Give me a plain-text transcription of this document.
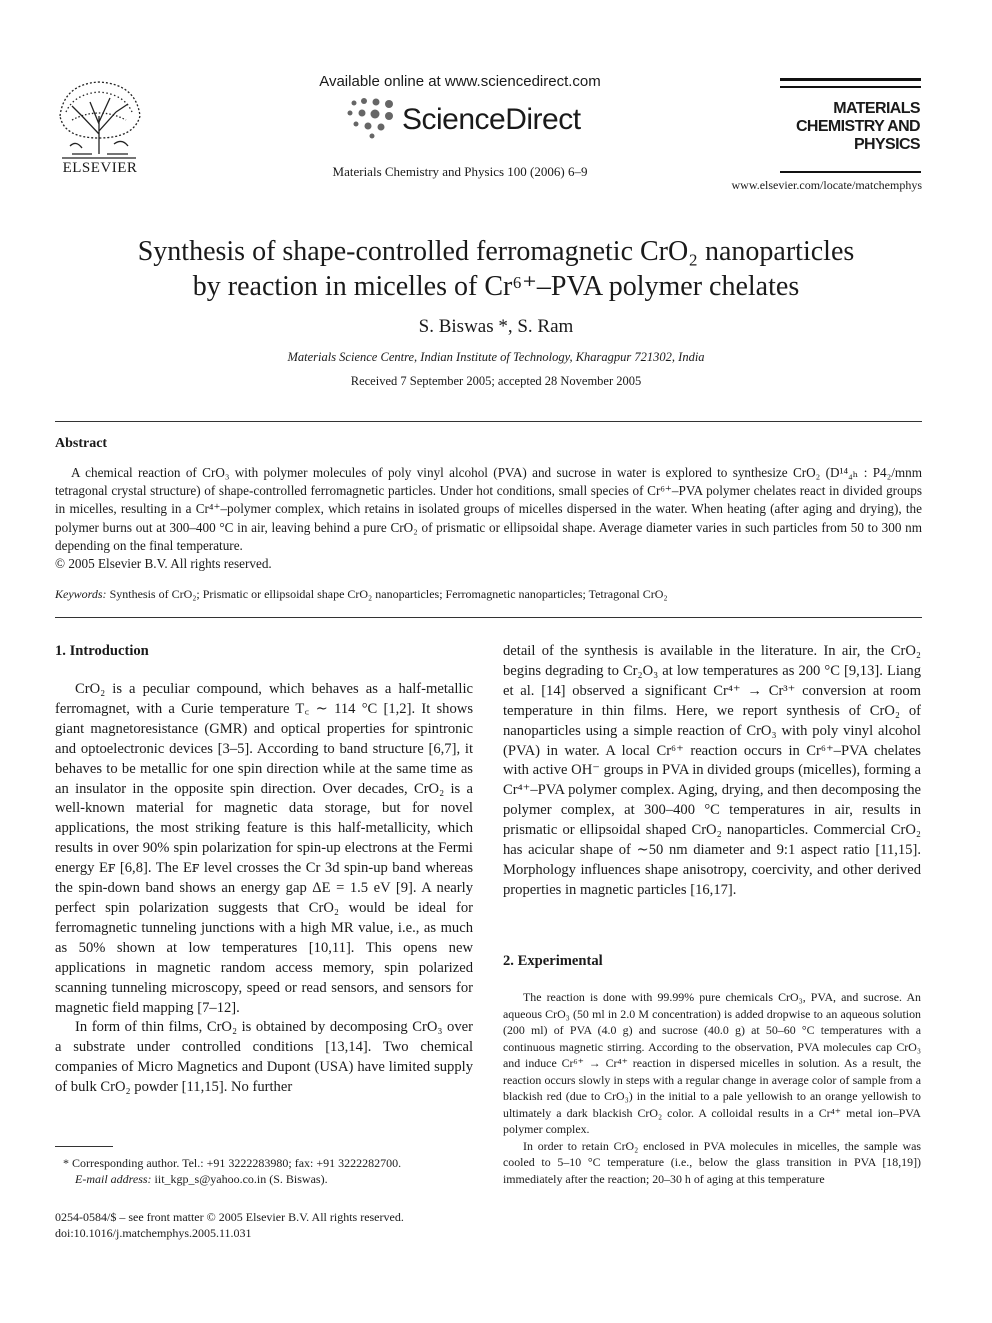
ELSEVIER
Available online at www.sciencedirect.com
ScienceDirect
Materials Chemistry and Physics 100 (2006) 6–9
MATERIALS
CHEMISTRY AND
PHYSICS
www.elsevier.com/locate/matchemphys
Synthesis of shape-controlled ferromagnetic CrO₂ nanoparticles
by reaction in micelles of Cr⁶⁺–PVA polymer chelates
S. Biswas *, S. Ram
Materials Science Centre, Indian Institute of Technology, Kharagpur 721302, India
Received 7 September 2005; accepted 28 November 2005
Abstract
A chemical reaction of CrO₃ with polymer molecules of poly vinyl alcohol (PVA) and sucrose in water is explored to synthesize CrO₂ (D¹⁴₄ₕ : P4₂/mnm tetragonal crystal structure) of shape-controlled ferromagnetic particles. Under hot conditions, small species of Cr⁶⁺–PVA polymer chelates react in divided groups in micelles, resulting in a Cr⁴⁺–polymer complex, which retains in isolated groups of micelles dispersed in the water. When heating (after aging and drying), the polymer burns out at 300–400 °C in air, leaving behind a pure CrO₂ of prismatic or ellipsoidal shape. Average diameter varies in such particles from 50 to 300 nm depending on the final temperature.
© 2005 Elsevier B.V. All rights reserved.
Keywords: Synthesis of CrO₂; Prismatic or ellipsoidal shape CrO₂ nanoparticles; Ferromagnetic nanoparticles; Tetragonal CrO₂
1. Introduction

CrO₂ is a peculiar compound, which behaves as a half-metallic ferromagnet, with a Curie temperature T꜀ ∼ 114 °C [1,2]. It shows giant magnetoresistance (GMR) and optical properties for spintronic and optoelectronic devices [3–5]. According to band structure [6,7], it behaves to be metallic for one spin direction while at the same time as an insulator in the opposite spin direction. Over decades, CrO₂ is a well-known material for magnetic data storage, but for novel applications, the most striking feature is this half-metallicity, which results in over 90% spin polarization for spin-up electrons at the Fermi energy Eꜰ [6,8]. The Eꜰ level crosses the Cr 3d spin-up band whereas the spin-down band shows an energy gap ΔE = 1.5 eV [9]. A nearly perfect spin polarization suggests that CrO₂ would be ideal for ferromagnetic tunneling junctions with a high MR value, i.e., as much as 50% shown at low temperatures [10,11]. This opens new applications in magnetic random access memory, spin polarized scanning tunneling microscopy, speed or read sensors, and sensors for magnetic field mapping [7–12].

In form of thin films, CrO₂ is obtained by decomposing CrO₃ over a substrate under controlled conditions [13,14]. Two chemical companies of Micro Magnetics and Dupont (USA) have limited supply of bulk CrO₂ powder [11,15]. No further

detail of the synthesis is available in the literature. In air, the CrO₂ begins degrading to Cr₂O₃ at low temperatures as 200 °C [9,13]. Liang et al. [14] observed a significant Cr⁴⁺ → Cr³⁺ conversion at room temperature in thin films. Here, we report synthesis of CrO₂ of nanoparticles using a simple reaction of CrO₃ with poly vinyl alcohol (PVA) in water. A local Cr⁶⁺ reaction occurs in Cr⁶⁺–PVA chelates with active OH⁻ groups in PVA in divided groups (micelles), forming a Cr⁴⁺–PVA polymer complex. Aging, drying, and then decomposing the polymer complex, at 300–400 °C temperatures in air, results in prismatic or ellipsoidal shaped CrO₂ nanoparticles. Commercial CrO₂ has acicular shape of ∼50 nm diameter and 9:1 aspect ratio [11,15]. Morphology influences shape anisotropy, coercivity, and other derived properties in magnetic particles [16,17].

2. Experimental

The reaction is done with 99.99% pure chemicals CrO₃, PVA, and sucrose. An aqueous CrO₃ (50 ml in 2.0 M concentration) is added dropwise to an aqueous solution (200 ml) of PVA (4.0 g) and sucrose (40.0 g) at 50–60 °C temperatures with a continuous magnetic stirring. According to the observation, PVA molecules cap CrO₃ and induce Cr⁶⁺ → Cr⁴⁺ reaction in dispersed micelles in solution. As a result, the reaction occurs slowly in steps with a regular change in average color of sample from a blackish red (due to CrO₃) in the initial to a pale yellowish to an orange yellowish to ultimately a dark blackish CrO₂ color. A colloidal results in a Cr⁴⁺ metal ion–PVA polymer complex.

In order to retain CrO₂ enclosed in PVA molecules in micelles, the sample was cooled to 5–10 °C temperature (i.e., below the glass transition in PVA [18,19]) immediately after the reaction; 20–30 h of aging at this temperature

* Corresponding author. Tel.: +91 3222283980; fax: +91 3222282700.
E-mail address: iit_kgp_s@yahoo.co.in (S. Biswas).
0254-0584/$ – see front matter © 2005 Elsevier B.V. All rights reserved.
doi:10.1016/j.matchemphys.2005.11.031
